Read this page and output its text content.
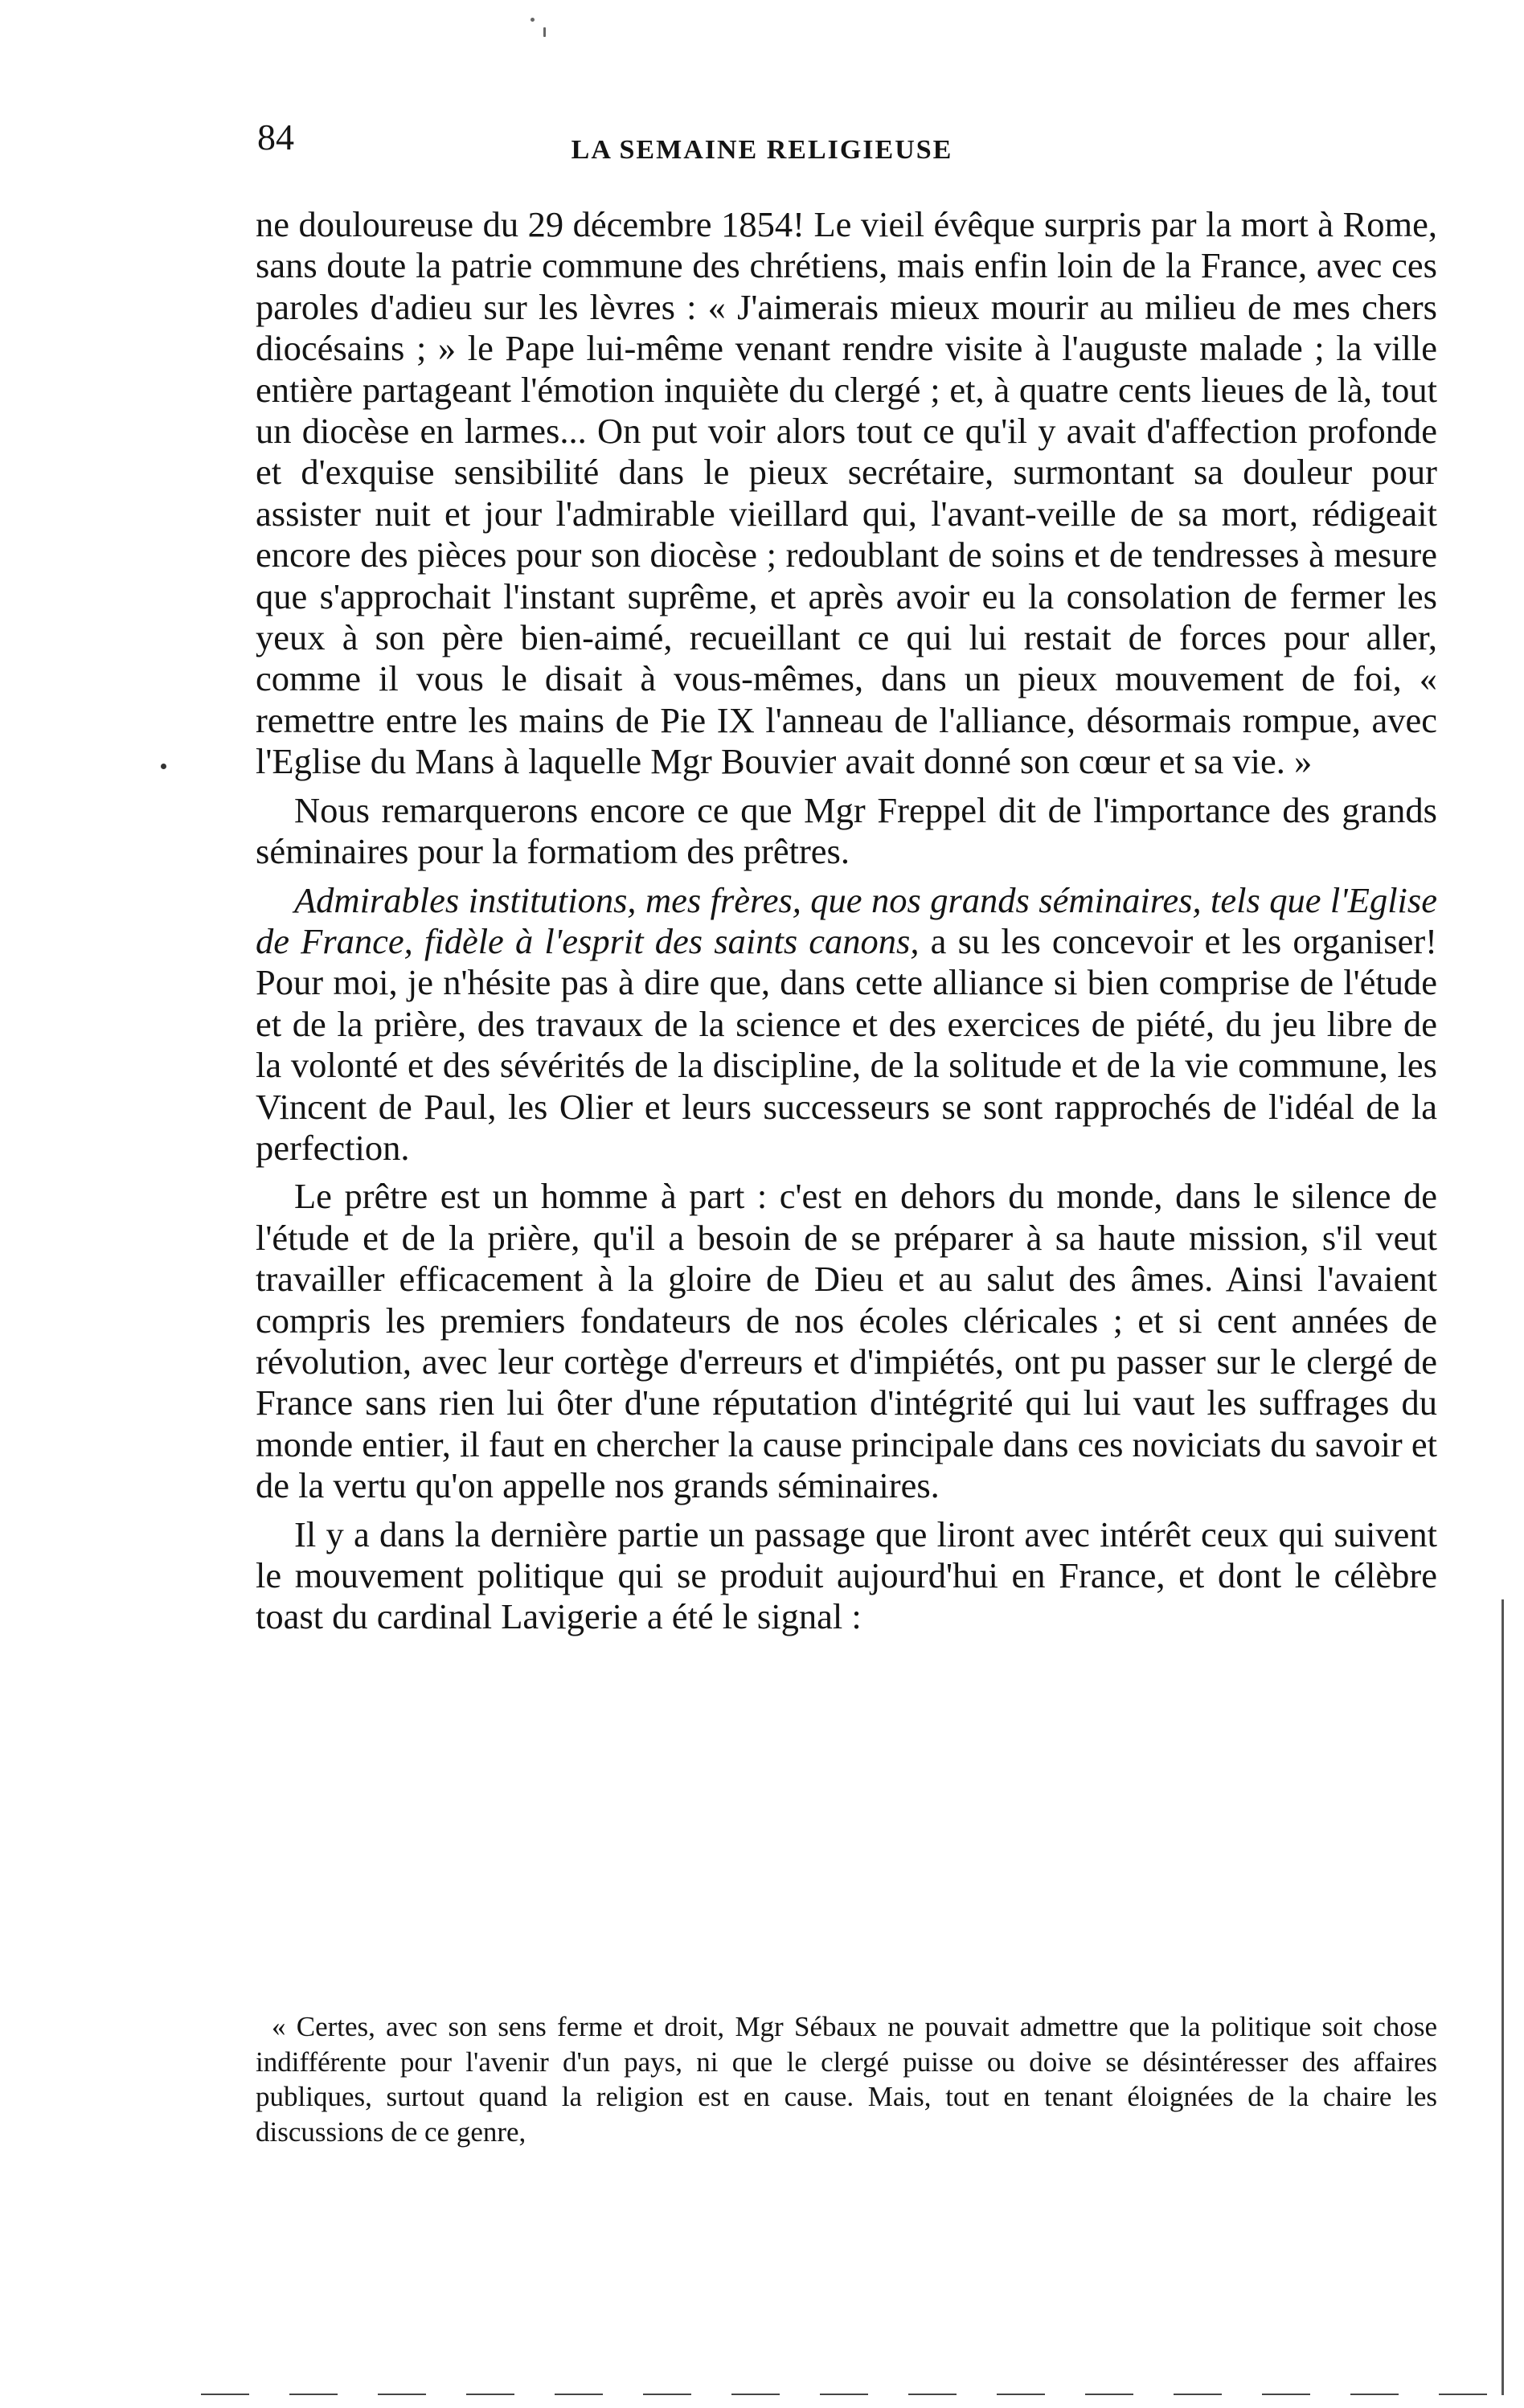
84	LA SEMAINE RELIGIEUSE

ne douloureuse du 29 décembre 1854! Le vieil évêque surpris par la mort à Rome, sans doute la patrie commune des chrétiens, mais enfin loin de la France, avec ces paroles d'adieu sur les lèvres : « J'aimerais mieux mourir au milieu de mes chers diocésains ; » le Pape lui-même venant rendre visite à l'auguste malade ; la ville entière partageant l'émotion inquiète du clergé ; et, à quatre cents lieues de là, tout un diocèse en larmes... On put voir alors tout ce qu'il y avait d'affection profonde et d'exquise sensibilité dans le pieux secrétaire, surmontant sa douleur pour assister nuit et jour l'admirable vieillard qui, l'avant-veille de sa mort, rédigeait encore des pièces pour son diocèse ; redoublant de soins et de tendresses à mesure que s'approchait l'instant suprême, et après avoir eu la consolation de fermer les yeux à son père bien-aimé, recueillant ce qui lui restait de forces pour aller, comme il vous le disait à vous-mêmes, dans un pieux mouvement de foi, « remettre entre les mains de Pie IX l'anneau de l'alliance, désormais rompue, avec l'Eglise du Mans à laquelle Mgr Bouvier avait donné son cœur et sa vie. »

Nous remarquerons encore ce que Mgr Freppel dit de l'importance des grands séminaires pour la formatiom des prêtres.

Admirables institutions, mes frères, que nos grands séminaires, tels que l'Eglise de France, fidèle à l'esprit des saints canons, a su les concevoir et les organiser! Pour moi, je n'hésite pas à dire que, dans cette alliance si bien comprise de l'étude et de la prière, des travaux de la science et des exercices de piété, du jeu libre de la volonté et des sévérités de la discipline, de la solitude et de la vie commune, les Vincent de Paul, les Olier et leurs successeurs se sont rapprochés de l'idéal de la perfection.

Le prêtre est un homme à part : c'est en dehors du monde, dans le silence de l'étude et de la prière, qu'il a besoin de se préparer à sa haute mission, s'il veut travailler efficacement à la gloire de Dieu et au salut des âmes. Ainsi l'avaient compris les premiers fondateurs de nos écoles cléricales ; et si cent années de révolution, avec leur cortège d'erreurs et d'impiétés, ont pu passer sur le clergé de France sans rien lui ôter d'une réputation d'intégrité qui lui vaut les suffrages du monde entier, il faut en chercher la cause principale dans ces noviciats du savoir et de la vertu qu'on appelle nos grands séminaires.

Il y a dans la dernière partie un passage que liront avec intérêt ceux qui suivent le mouvement politique qui se produit aujourd'hui en France, et dont le célèbre toast du cardinal Lavigerie a été le signal :

« Certes, avec son sens ferme et droit, Mgr Sébaux ne pouvait admettre que la politique soit chose indifférente pour l'avenir d'un pays, ni que le clergé puisse ou doive se désintéresser des affaires publiques, surtout quand la religion est en cause. Mais, tout en tenant éloignées de la chaire les discussions de ce genre,
